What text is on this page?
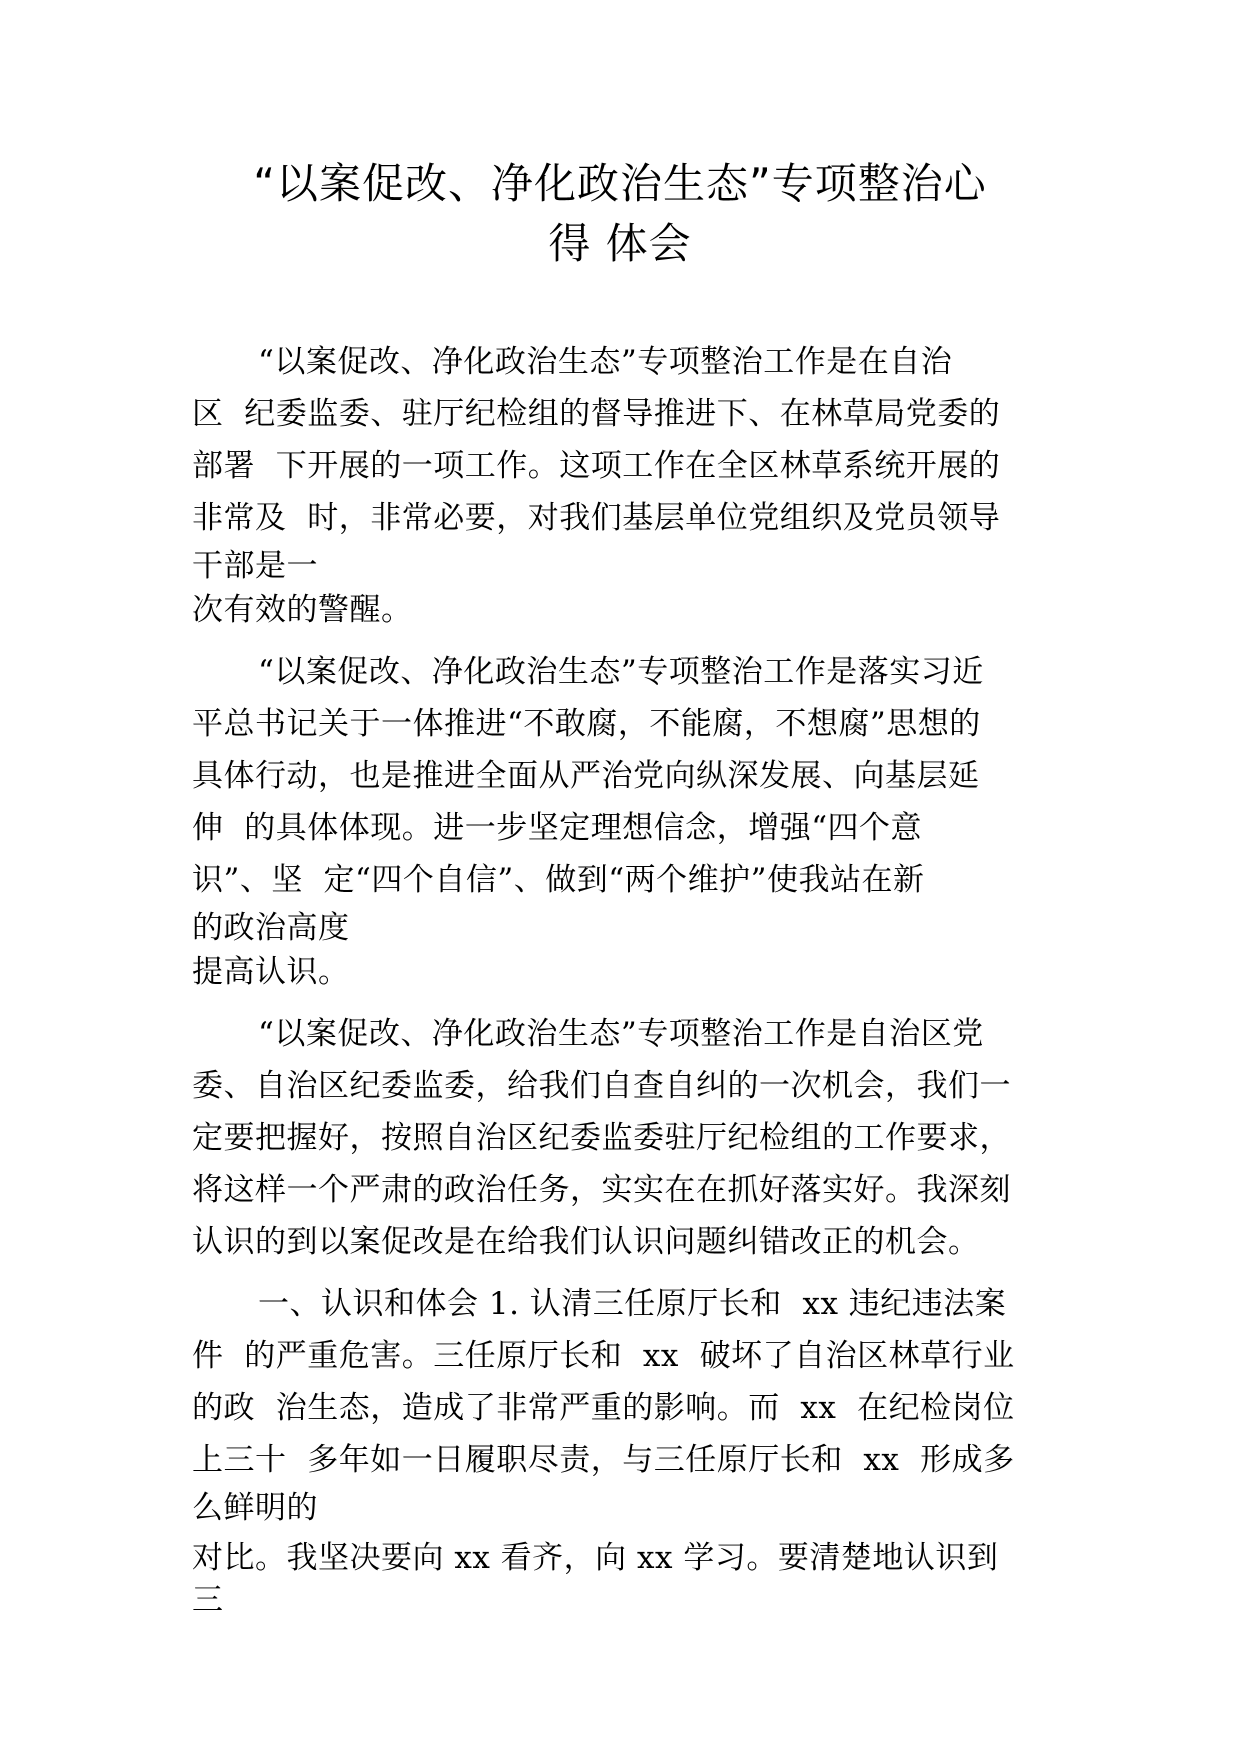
“以案促改、净化政治生态”专项整治心
得 体会
“以案促改、净化政治生态”专项整治工作是在自治
区  纪委监委、驻厅纪检组的督导推进下、在林草局党委的
部署  下开展的一项工作。这项工作在全区林草系统开展的
非常及  时，非常必要，对我们基层单位党组织及党员领导
干部是一
次有效的警醒。
“以案促改、净化政治生态”专项整治工作是落实习近
平总书记关于一体推进“不敢腐，不能腐，不想腐”思想的
具体行动，也是推进全面从严治党向纵深发展、向基层延
伸  的具体体现。进一步坚定理想信念，增强“四个意
识”、坚  定“四个自信”、做到“两个维护”使我站在新
的政治高度
提高认识。
“以案促改、净化政治生态”专项整治工作是自治区党
委、自治区纪委监委，给我们自查自纠的一次机会，我们一
定要把握好，按照自治区纪委监委驻厅纪检组的工作要求，
将这样一个严肃的政治任务，实实在在抓好落实好。我深刻
认识的到以案促改是在给我们认识问题纠错改正的机会。
一、认识和体会 1. 认清三任原厅长和  xx 违纪违法案
件  的严重危害。三任原厅长和  xx  破坏了自治区林草行业
的政  治生态，造成了非常严重的影响。而  xx  在纪检岗位
上三十  多年如一日履职尽责，与三任原厅长和  xx  形成多
么鲜明的
对比。我坚决要向 xx 看齐，向 xx 学习。要清楚地认识到
三
